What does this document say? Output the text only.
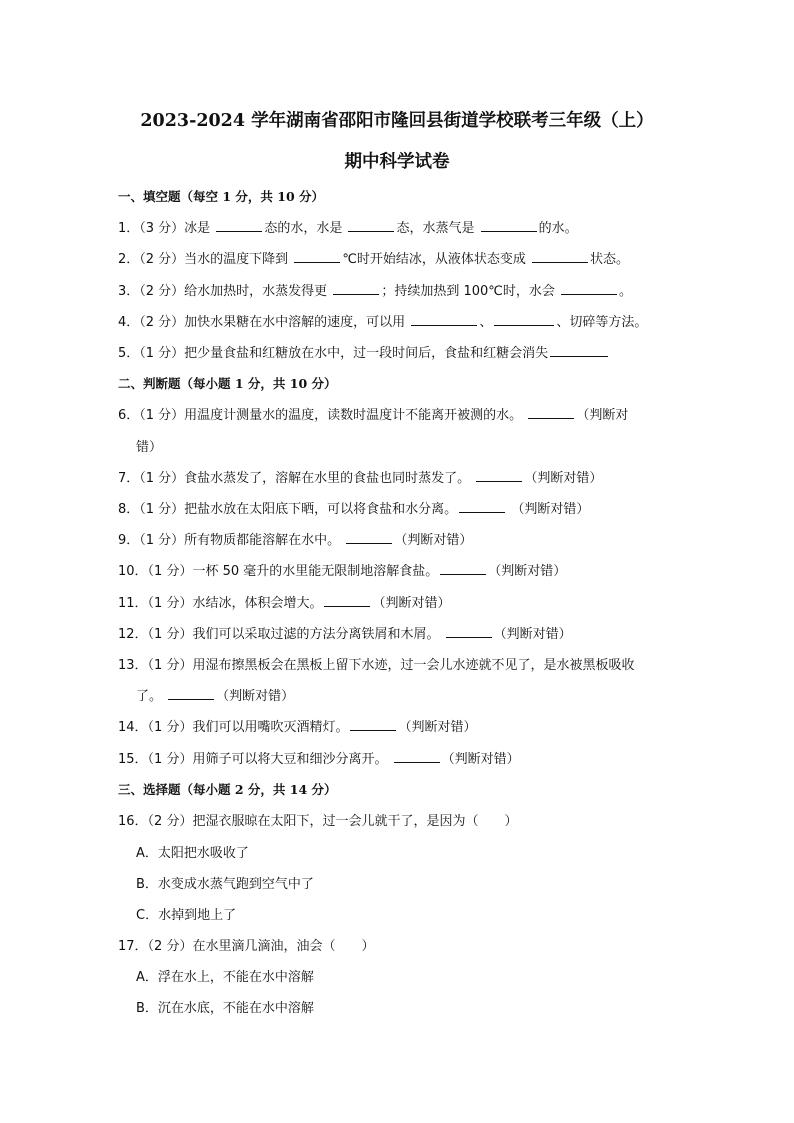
2023-2024 学年湖南省邵阳市隆回县街道学校联考三年级（上）
期中科学试卷
一、填空题（每空 1 分，共 10 分）
1．（3 分）冰是	态的水，水是	态，水蒸气是	的水。
2．（2 分）当水的温度下降到	℃时开始结冰，从液体状态变成	状态。
3．（2 分）给水加热时，水蒸发得更	；持续加热到 100℃时，水会	。
4．（2 分）加快水果糖在水中溶解的速度，可以用	、	、切碎等方法。
5．（1 分）把少量食盐和红糖放在水中，过一段时间后，食盐和红糖会消失
二、判断题（每小题 1 分，共 10 分）
6．（1 分）用温度计测量水的温度，读数时温度计不能离开被测的水。	（判断对
错）
7．（1 分）食盐水蒸发了，溶解在水里的食盐也同时蒸发了。	（判断对错）
8．（1 分）把盐水放在太阳底下晒，可以将食盐和水分离。	（判断对错）
9．（1 分）所有物质都能溶解在水中。	（判断对错）
10．（1 分）一杯 50 毫升的水里能无限制地溶解食盐。	（判断对错）
11．（1 分）水结冰，体积会增大。	（判断对错）
12．（1 分）我们可以采取过滤的方法分离铁屑和木屑。	（判断对错）
13．（1 分）用湿布擦黑板会在黑板上留下水迹，过一会儿水迹就不见了，是水被黑板吸收
了。	（判断对错）
14．（1 分）我们可以用嘴吹灭酒精灯。	（判断对错）
15．（1 分）用筛子可以将大豆和细沙分离开。	（判断对错）
三、选择题（每小题 2 分，共 14 分）
16．（2 分）把湿衣服晾在太阳下，过一会儿就干了，是因为（　　）
A．太阳把水吸收了
B．水变成水蒸气跑到空气中了
C．水掉到地上了
17．（2 分）在水里滴几滴油，油会（　　）
A．浮在水上，不能在水中溶解
B．沉在水底，不能在水中溶解
